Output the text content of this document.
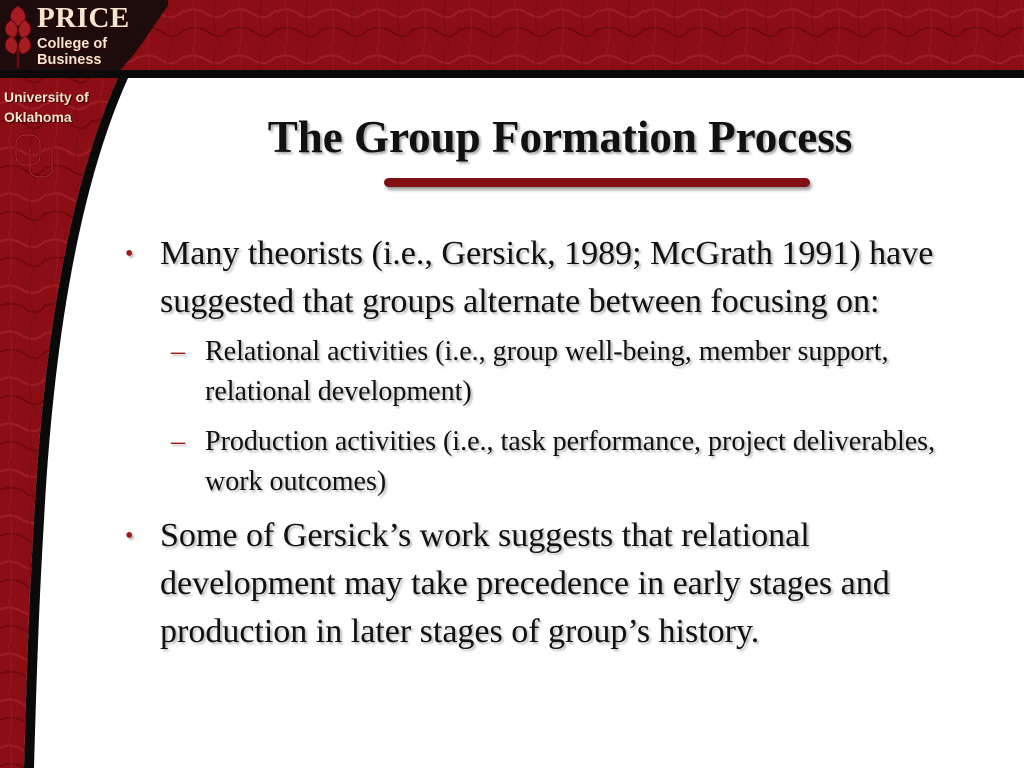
PRICE

College of

Business

University of
Oklahoma	The Group Formation Process
• Many theorists (i.e., Gersick, 1989; McGrath 1991) have suggested that groups alternate between focusing on:
– Relational activities (i.e., group well-being, member support, relational development)
– Production activities (i.e., task performance, project deliverables, work outcomes)
• Some of Gersick’s work suggests that relational development may take precedence in early stages and production in later stages of group’s history.
